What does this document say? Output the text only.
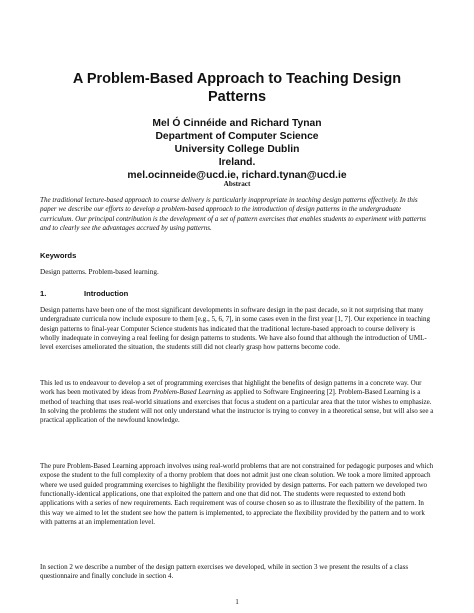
A Problem-Based Approach to Teaching Design
Patterns
Mel Ó Cinnéide and Richard Tynan
Department of Computer Science
University College Dublin
Ireland.
mel.ocinneide@ucd.ie, richard.tynan@ucd.ie
Abstract
The traditional lecture-based approach to course delivery is particularly inappropriate in teaching design patterns effectively. In this paper we describe our efforts to develop a problem-based approach to the introduction of design patterns in the undergraduate curriculum. Our principal contribution is the development of a set of pattern exercises that enables students to experiment with patterns and to clearly see the advantages accrued by using patterns.
Keywords
Design patterns. Problem-based learning.
1.	Introduction
Design patterns have been one of the most significant developments in software design in the past decade, so it not surprising that many undergraduate curricula now include exposure to them [e.g., 5, 6, 7], in some cases even in the first year [1, 7]. Our experience in teaching design patterns to final-year Computer Science students has indicated that the traditional lecture-based approach to course delivery is wholly inadequate in conveying a real feeling for design patterns to students. We have also found that although the introduction of UML-level exercises ameliorated the situation, the students still did not clearly grasp how patterns become code.
This led us to endeavour to develop a set of programming exercises that highlight the benefits of design patterns in a concrete way. Our work has been motivated by ideas from Problem-Based Learning as applied to Software Engineering [2]. Problem-Based Learning is a method of teaching that uses real-world situations and exercises that focus a student on a particular area that the tutor wishes to emphasize. In solving the problems the student will not only understand what the instructor is trying to convey in a theoretical sense, but will also see a practical application of the newfound knowledge.
The pure Problem-Based Learning approach involves using real-world problems that are not constrained for pedagogic purposes and which expose the student to the full complexity of a thorny problem that does not admit just one clean solution. We took a more limited approach where we used guided programming exercises to highlight the flexibility provided by design patterns. For each pattern we developed two functionally-identical applications, one that exploited the pattern and one that did not. The students were requested to extend both applications with a series of new requirements. Each requirement was of course chosen so as to illustrate the flexibility of the pattern. In this way we aimed to let the student see how the pattern is implemented, to appreciate the flexibility provided by the pattern and to work with patterns at an implementation level.
In section 2 we describe a number of the design pattern exercises we developed, while in section 3 we present the results of a class questionnaire and finally conclude in section 4.
1
